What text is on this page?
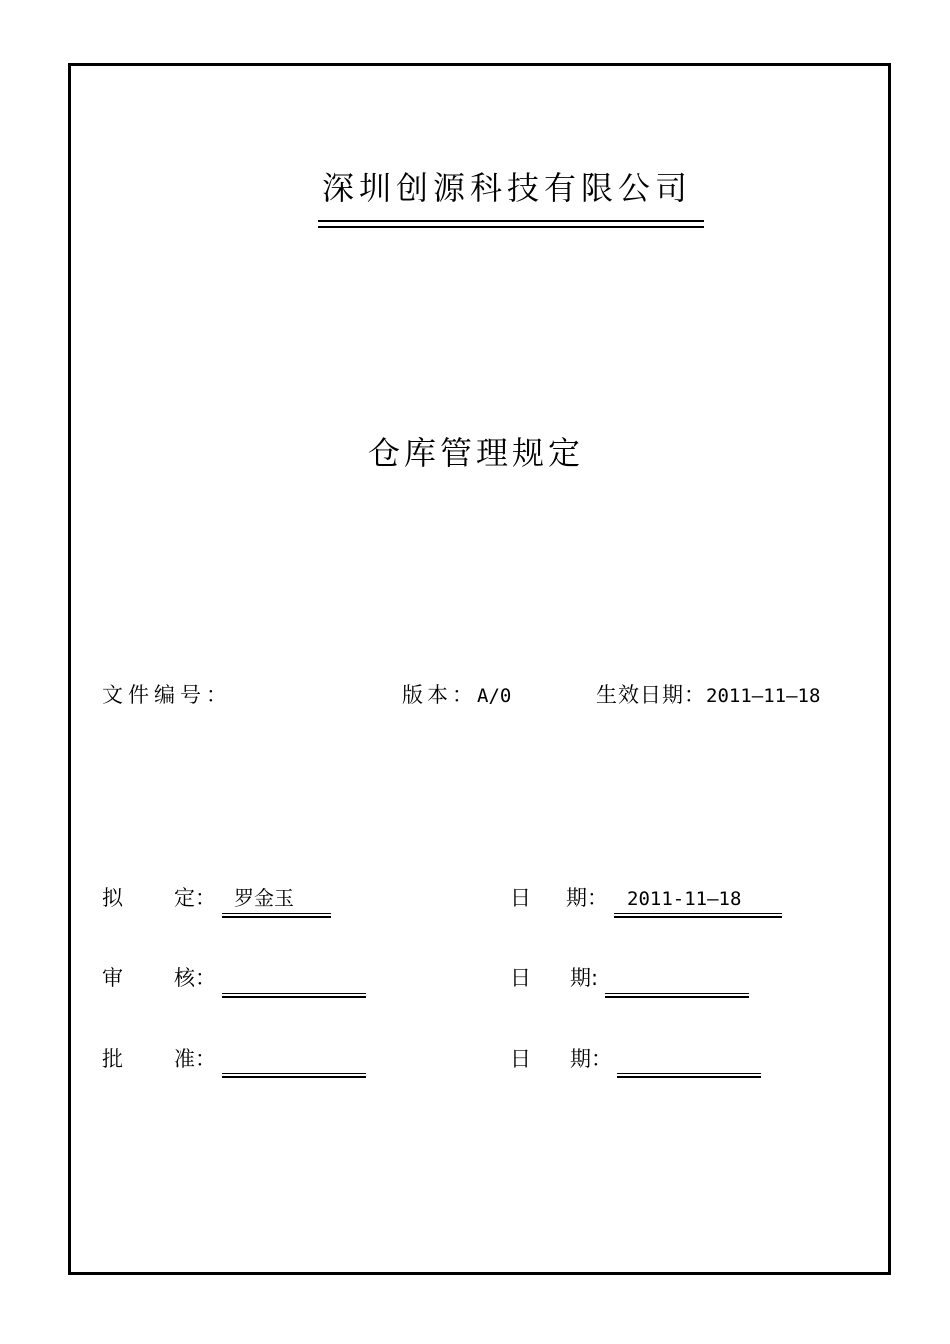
深圳创源科技有限公司
仓库管理规定
文件编号：	版本：A/0	生效日期：2011—11—18
拟 定： 罗金玉	日 期： 2011-11—18
审 核：	日 期:
批 准：	日 期：
